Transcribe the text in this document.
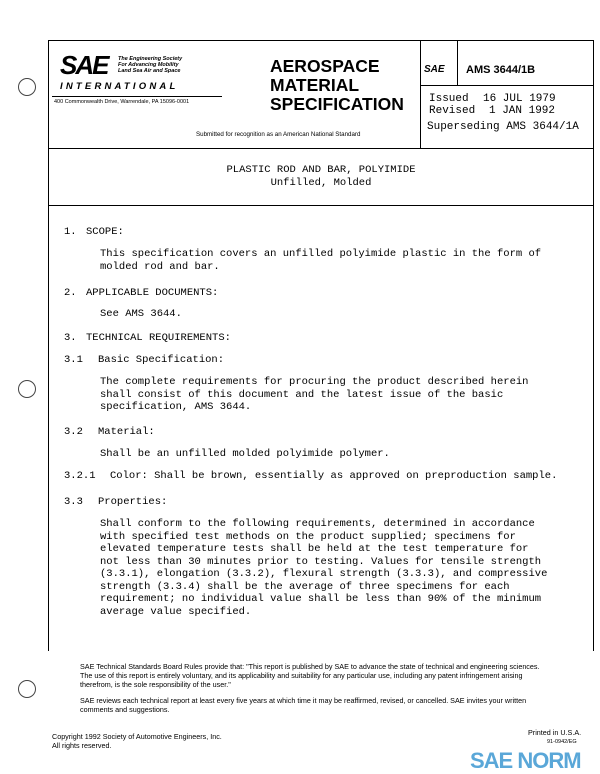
SAE The Engineering Society
For Advancing Mobility
Land Sea Air and Space
INTERNATIONAL
400 Commonwealth Drive, Warrendale, PA 15096-0001
AEROSPACE
MATERIAL
SPECIFICATION
Submitted for recognition as an American National Standard
SAE AMS 3644/1B
Issued 16 JUL 1979
Revised 1 JAN 1992
Superseding AMS 3644/1A
PLASTIC ROD AND BAR, POLYIMIDE
Unfilled, Molded
1. SCOPE:
This specification covers an unfilled polyimide plastic in the form of molded rod and bar.
2. APPLICABLE DOCUMENTS:
See AMS 3644.
3. TECHNICAL REQUIREMENTS:
3.1 Basic Specification:
The complete requirements for procuring the product described herein shall consist of this document and the latest issue of the basic specification, AMS 3644.
3.2 Material:
Shall be an unfilled molded polyimide polymer.
3.2.1 Color: Shall be brown, essentially as approved on preproduction sample.
3.3 Properties:
Shall conform to the following requirements, determined in accordance with specified test methods on the product supplied; specimens for elevated temperature tests shall be held at the test temperature for not less than 30 minutes prior to testing. Values for tensile strength (3.3.1), elongation (3.3.2), flexural strength (3.3.3), and compressive strength (3.3.4) shall be the average of three specimens for each requirement; no individual value shall be less than 90% of the minimum average value specified.
SAE Technical Standards Board Rules provide that: "This report is published by SAE to advance the state of technical and engineering sciences. The use of this report is entirely voluntary, and its applicability and suitability for any particular use, including any patent infringement arising therefrom, is the sole responsibility of the user."
SAE reviews each technical report at least every five years at which time it may be reaffirmed, revised, or cancelled. SAE invites your written comments and suggestions.
Copyright 1992 Society of Automotive Engineers, Inc.
All rights reserved.
Printed in U.S.A.
91-0942/EG
SAE NORM
